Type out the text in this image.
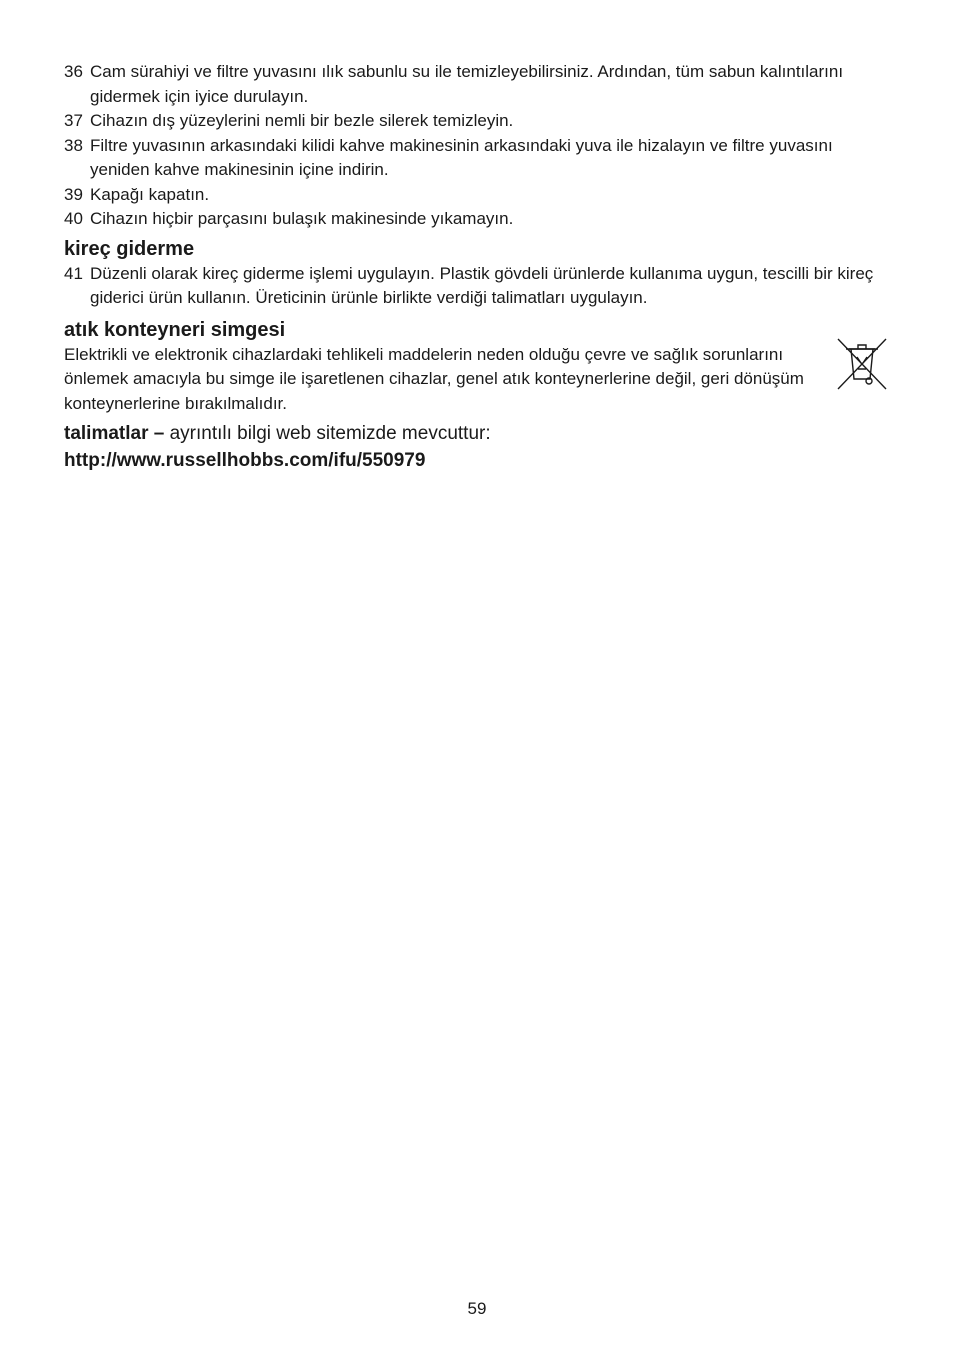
36 Cam sürahiyi ve filtre yuvasını ılık sabunlu su ile temizleyebilirsiniz. Ardından, tüm sabun kalıntılarını gidermek için iyice durulayın.
37 Cihazın dış yüzeylerini nemli bir bezle silerek temizleyin.
38 Filtre yuvasının arkasındaki kilidi kahve makinesinin arkasındaki yuva ile hizalayın ve filtre yuvasını yeniden kahve makinesinin içine indirin.
39 Kapağı kapatın.
40 Cihazın hiçbir parçasını bulaşık makinesinde yıkamayın.
kireç giderme
41 Düzenli olarak kireç giderme işlemi uygulayın. Plastik gövdeli ürünlerde kullanıma uygun, tescilli bir kireç giderici ürün kullanın. Üreticinin ürünle birlikte verdiği talimatları uygulayın.
atık konteyneri simgesi
Elektrikli ve elektronik cihazlardaki tehlikeli maddelerin neden olduğu çevre ve sağlık sorunlarını önlemek amacıyla bu simge ile işaretlenen cihazlar, genel atık konteynerlerine değil, geri dönüşüm konteynerlerine bırakılmalıdır.
talimatlar – ayrıntılı bilgi web sitemizde mevcuttur:
http://www.russellhobbs.com/ifu/550979
59
